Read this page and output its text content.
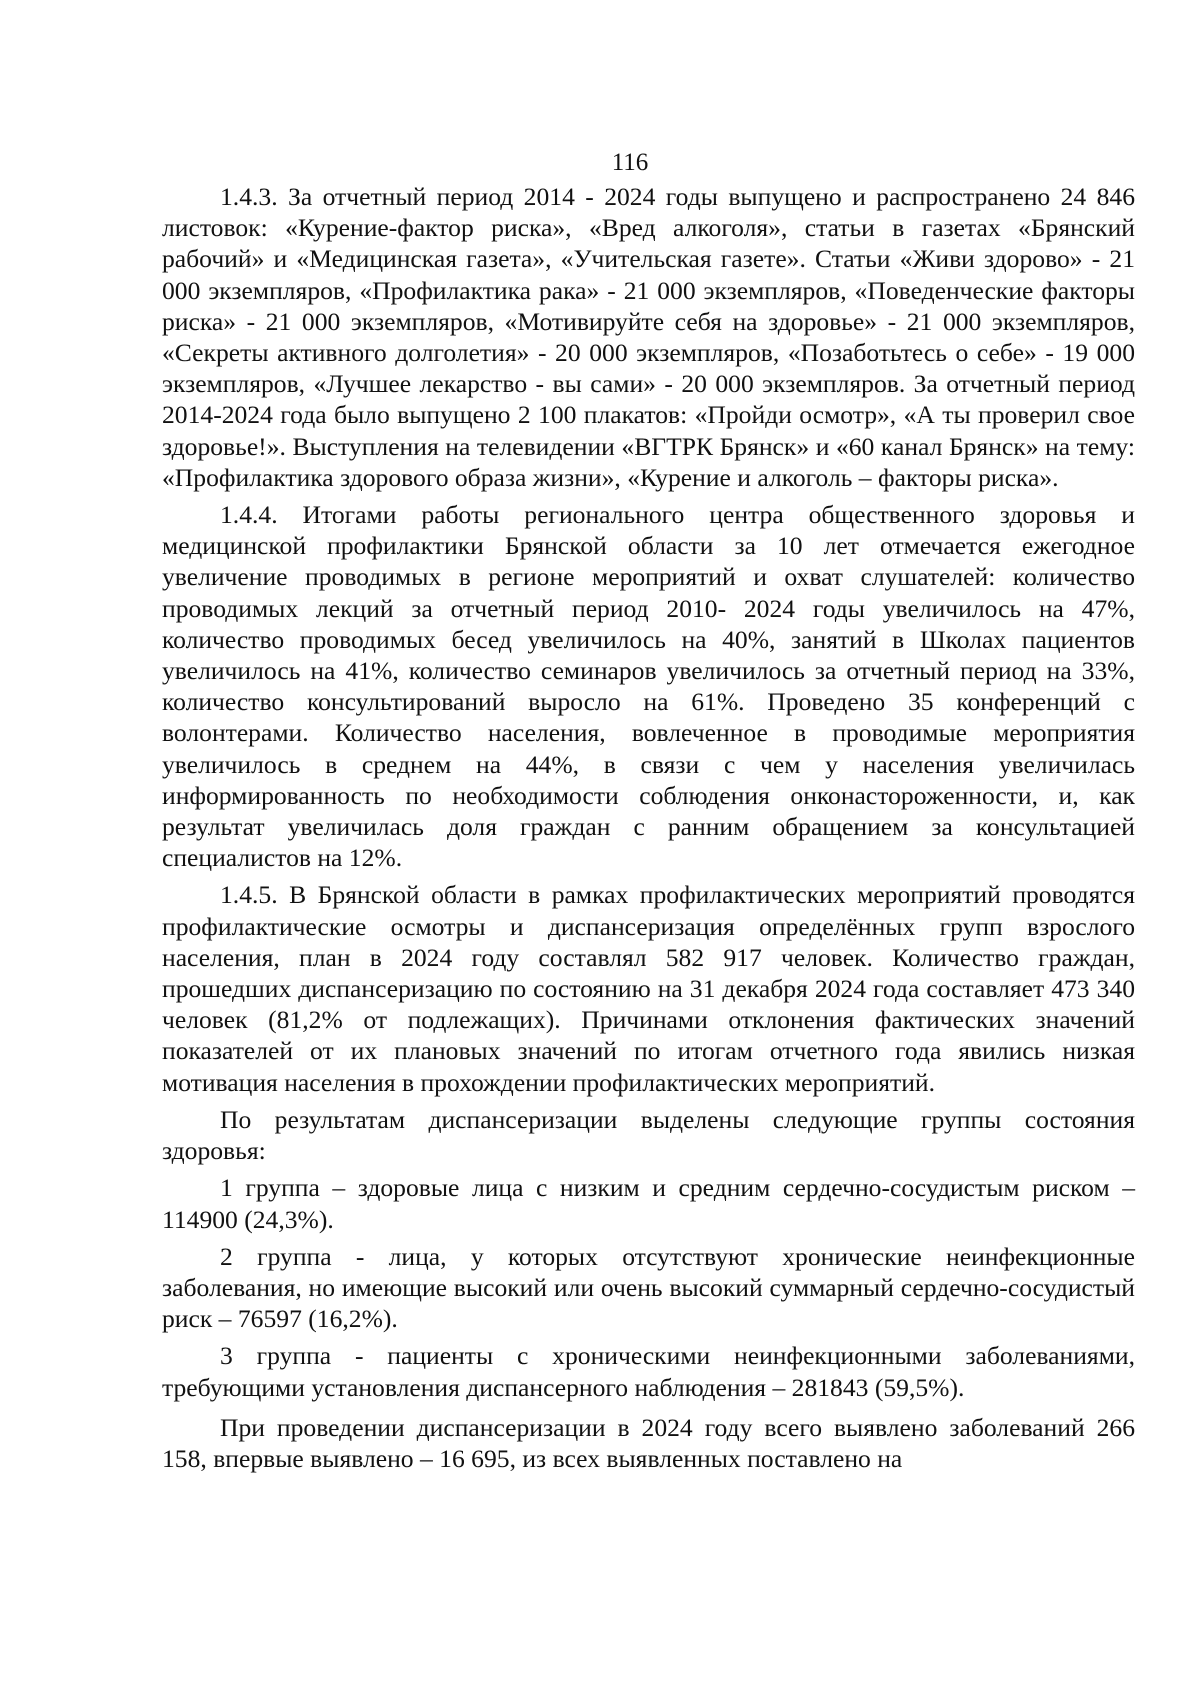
116

1.4.3. За отчетный период 2014 - 2024 годы выпущено и распространено 24 846 листовок: «Курение-фактор риска», «Вред алкоголя», статьи в газетах «Брянский рабочий» и «Медицинская газета», «Учительская газете». Статьи «Живи здорово» - 21 000 экземпляров, «Профилактика рака» - 21 000 экземпляров, «Поведенческие факторы риска» - 21 000 экземпляров, «Мотивируйте себя на здоровье» - 21 000 экземпляров, «Секреты активного долголетия» - 20 000 экземпляров, «Позаботьтесь о себе» - 19 000 экземпляров, «Лучшее лекарство - вы сами» - 20 000 экземпляров. За отчетный период 2014-2024 года было выпущено 2 100 плакатов: «Пройди осмотр», «А ты проверил свое здоровье!». Выступления на телевидении «ВГТРК Брянск» и «60 канал Брянск» на тему: «Профилактика здорового образа жизни», «Курение и алкоголь – факторы риска».

1.4.4. Итогами работы регионального центра общественного здоровья и медицинской профилактики Брянской области за 10 лет отмечается ежегодное увеличение проводимых в регионе мероприятий и охват слушателей: количество проводимых лекций за отчетный период 2010- 2024 годы увеличилось на 47%, количество проводимых бесед увеличилось на 40%, занятий в Школах пациентов увеличилось на 41%, количество семинаров увеличилось за отчетный период на 33%, количество консультирований выросло на 61%. Проведено 35 конференций с волонтерами. Количество населения, вовлеченное в проводимые мероприятия увеличилось в среднем на 44%, в связи с чем у населения увеличилась информированность по необходимости соблюдения онконастороженности, и, как результат увеличилась доля граждан с ранним обращением за консультацией специалистов на 12%.

1.4.5. В Брянской области в рамках профилактических мероприятий проводятся профилактические осмотры и диспансеризация определённых групп взрослого населения, план в 2024 году составлял 582 917 человек. Количество граждан, прошедших диспансеризацию по состоянию на 31 декабря 2024 года составляет 473 340 человек (81,2% от подлежащих). Причинами отклонения фактических значений показателей от их плановых значений по итогам отчетного года явились низкая мотивация населения в прохождении профилактических мероприятий.

По результатам диспансеризации выделены следующие группы состояния здоровья:

1 группа – здоровые лица с низким и средним сердечно-сосудистым риском – 114900 (24,3%).

2 группа - лица, у которых отсутствуют хронические неинфекционные заболевания, но имеющие высокий или очень высокий суммарный сердечно-сосудистый риск – 76597 (16,2%).

3 группа - пациенты с хроническими неинфекционными заболеваниями, требующими установления диспансерного наблюдения – 281843 (59,5%).

При проведении диспансеризации в 2024 году всего выявлено заболеваний 266 158, впервые выявлено – 16 695, из всех выявленных поставлено на
